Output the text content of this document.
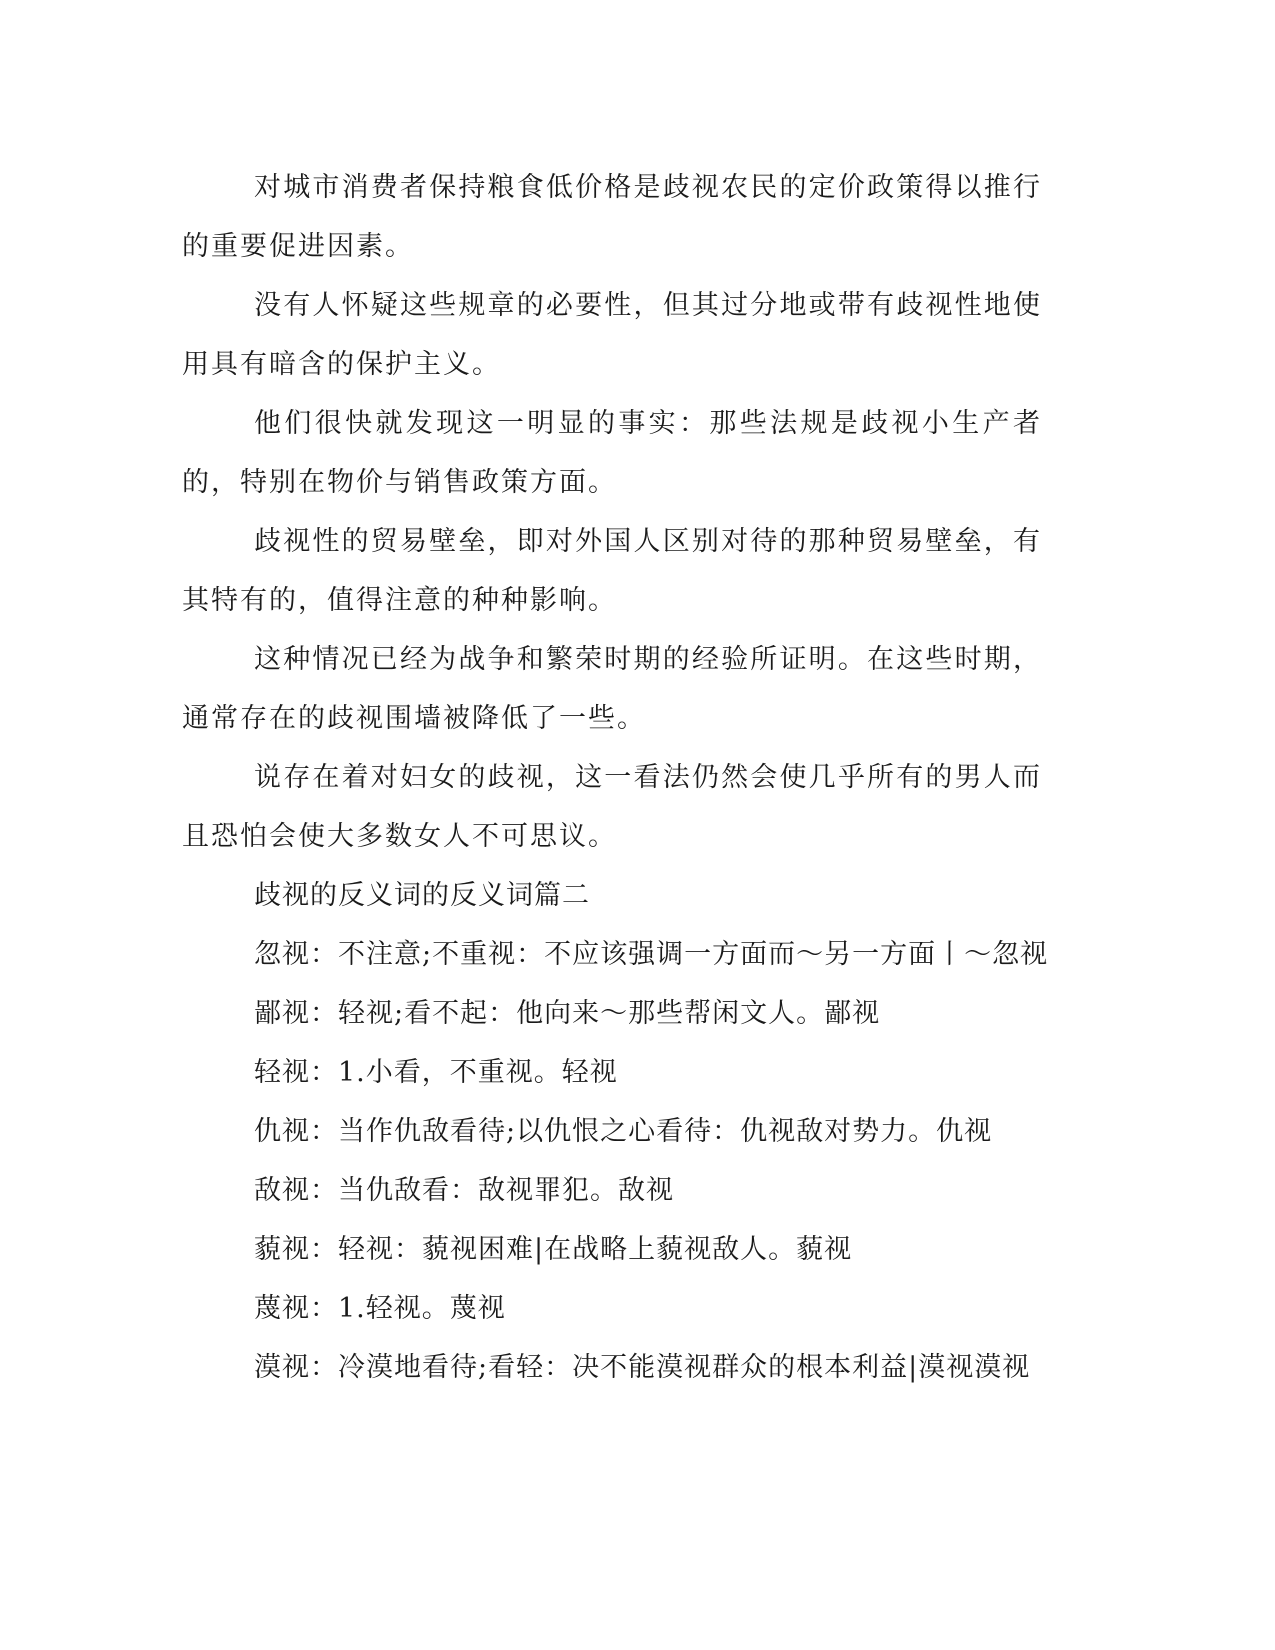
对城市消费者保持粮食低价格是歧视农民的定价政策得以推行的重要促进因素。

没有人怀疑这些规章的必要性，但其过分地或带有歧视性地使用具有暗含的保护主义。

他们很快就发现这一明显的事实：那些法规是歧视小生产者的，特别在物价与销售政策方面。

歧视性的贸易壁垒，即对外国人区别对待的那种贸易壁垒，有其特有的，值得注意的种种影响。

这种情况已经为战争和繁荣时期的经验所证明。在这些时期，通常存在的歧视围墙被降低了一些。

说存在着对妇女的歧视，这一看法仍然会使几乎所有的男人而且恐怕会使大多数女人不可思议。

歧视的反义词的反义词篇二

忽视：不注意;不重视：不应该强调一方面而～另一方面丨～忽视

鄙视：轻视;看不起：他向来～那些帮闲文人。鄙视

轻视：1.小看，不重视。轻视

仇视：当作仇敌看待;以仇恨之心看待：仇视敌对势力。仇视

敌视：当仇敌看：敌视罪犯。敌视

藐视：轻视：藐视困难|在战略上藐视敌人。藐视

蔑视：1.轻视。蔑视

漠视：冷漠地看待;看轻：决不能漠视群众的根本利益|漠视漠视
